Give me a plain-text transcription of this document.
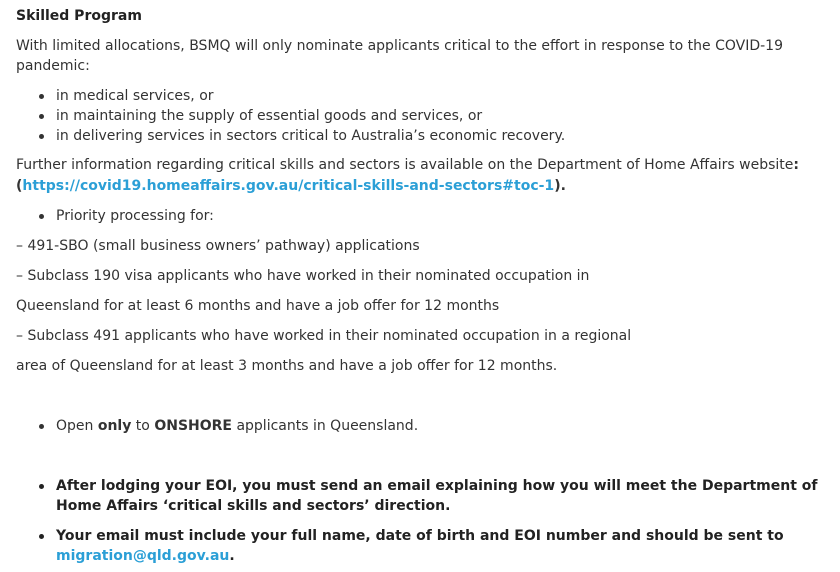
Skilled Program
With limited allocations, BSMQ will only nominate applicants critical to the effort in response to the COVID-19
pandemic:
in medical services, or
in maintaining the supply of essential goods and services, or
in delivering services in sectors critical to Australia’s economic recovery.
Further information regarding critical skills and sectors is available on the Department of Home Affairs website:
(https://covid19.homeaffairs.gov.au/critical-skills-and-sectors#toc-1).
Priority processing for:
– 491-SBO (small business owners’ pathway) applications
– Subclass 190 visa applicants who have worked in their nominated occupation in
Queensland for at least 6 months and have a job offer for 12 months
– Subclass 491 applicants who have worked in their nominated occupation in a regional
area of Queensland for at least 3 months and have a job offer for 12 months.
Open only to ONSHORE applicants in Queensland.
After lodging your EOI, you must send an email explaining how you will meet the Department of
Home Affairs ‘critical skills and sectors’ direction.
Your email must include your full name, date of birth and EOI number and should be sent to
migration@qld.gov.au.
